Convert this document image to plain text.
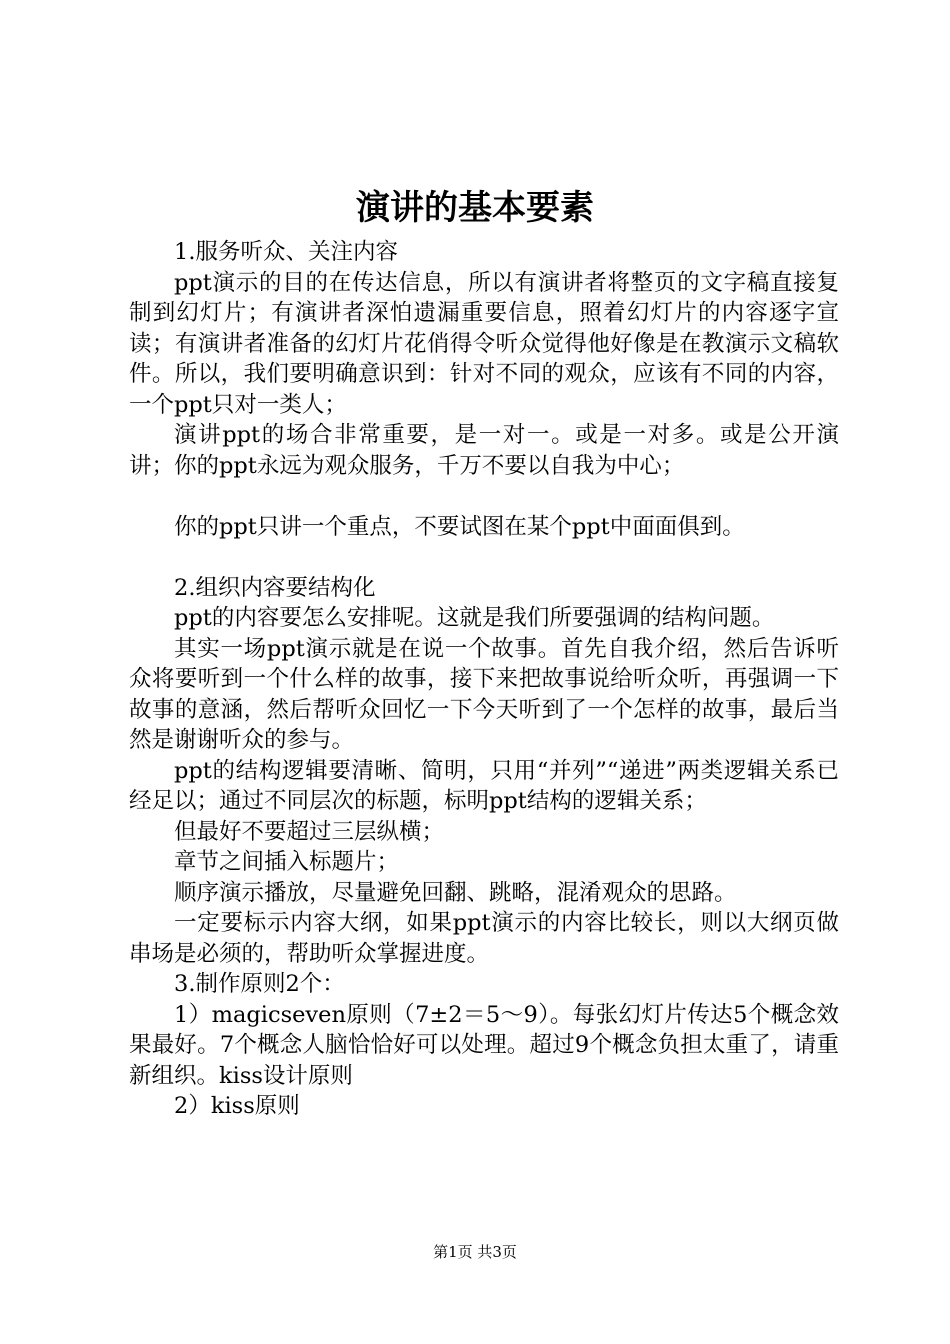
演讲的基本要素

1.服务听众、关注内容

ppt演示的目的在传达信息，所以有演讲者将整页的文字稿直接复制到幻灯片；有演讲者深怕遗漏重要信息，照着幻灯片的内容逐字宣读；有演讲者准备的幻灯片花俏得令听众觉得他好像是在教演示文稿软件。所以，我们要明确意识到：针对不同的观众，应该有不同的内容，一个ppt只对一类人；

演讲ppt的场合非常重要，是一对一。或是一对多。或是公开演讲；你的ppt永远为观众服务，千万不要以自我为中心；

你的ppt只讲一个重点，不要试图在某个ppt中面面俱到。

2.组织内容要结构化

ppt的内容要怎么安排呢。这就是我们所要强调的结构问题。

其实一场ppt演示就是在说一个故事。首先自我介绍，然后告诉听众将要听到一个什么样的故事，接下来把故事说给听众听，再强调一下故事的意涵，然后帮听众回忆一下今天听到了一个怎样的故事，最后当然是谢谢听众的参与。

ppt的结构逻辑要清晰、简明，只用“并列”“递进”两类逻辑关系已经足以；通过不同层次的标题，标明ppt结构的逻辑关系；

但最好不要超过三层纵横；

章节之间插入标题片；

顺序演示播放，尽量避免回翻、跳略，混淆观众的思路。

一定要标示内容大纲，如果ppt演示的内容比较长，则以大纲页做串场是必须的，帮助听众掌握进度。

3.制作原则2个：

1）magicseven原则（7±2＝5～9）。每张幻灯片传达5个概念效果最好。7个概念人脑恰恰好可以处理。超过9个概念负担太重了，请重新组织。kiss设计原则

2）kiss原则

第1页 共3页
